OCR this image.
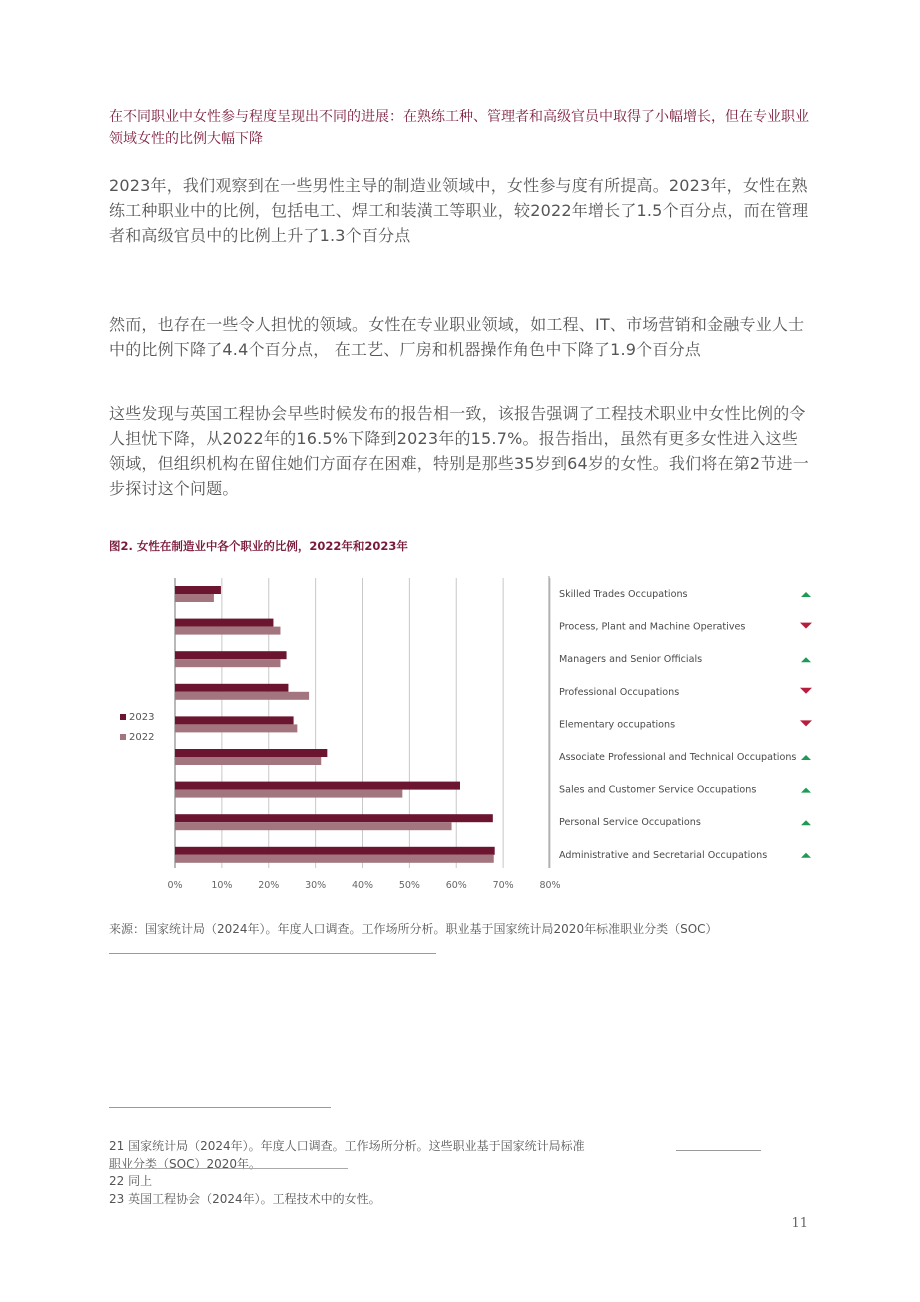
在不同职业中女性参与程度呈现出不同的进展：在熟练工种、管理者和高级官员中取得了小幅增长，但在专业职业领域女性的比例大幅下降

2023年，我们观察到在一些男性主导的制造业领域中，女性参与度有所提高。2023年，女性在熟练工种职业中的比例，包括电工、焊工和装潢工等职业，较2022年增长了1.5个百分点，而在管理者和高级官员中的比例上升了1.3个百分点

然而，也存在一些令人担忧的领域。女性在专业职业领域，如工程、IT、市场营销和金融专业人士中的比例下降了4.4个百分点， 在工艺、厂房和机器操作角色中下降了1.9个百分点

这些发现与英国工程协会早些时候发布的报告相一致，该报告强调了工程技术职业中女性比例的令人担忧下降，从2022年的16.5%下降到2023年的15.7%。报告指出，虽然有更多女性进入这些领域，但组织机构在留住她们方面存在困难，特别是那些35岁到64岁的女性。我们将在第2节进一步探讨这个问题。

图2. 女性在制造业中各个职业的比例，2022年和2023年

0%	10%	20%	30%	40%	50%	60%	70%	80%
2023
2022
Skilled Trades Occupations
Process, Plant and Machine Operatives
Managers and Senior Officials
Professional Occupations
Elementary occupations
Associate Professional and Technical Occupations
Sales and Customer Service Occupations
Personal Service Occupations
Administrative and Secretarial Occupations

来源：国家统计局（2024年）。年度人口调查。工作场所分析。职业基于国家统计局2020年标准职业分类（SOC）

21 国家统计局（2024年）。年度人口调查。工作场所分析。这些职业基于国家统计局标准
职业分类（SOC）2020年。
22 同上
23 英国工程协会（2024年）。工程技术中的女性。
11
